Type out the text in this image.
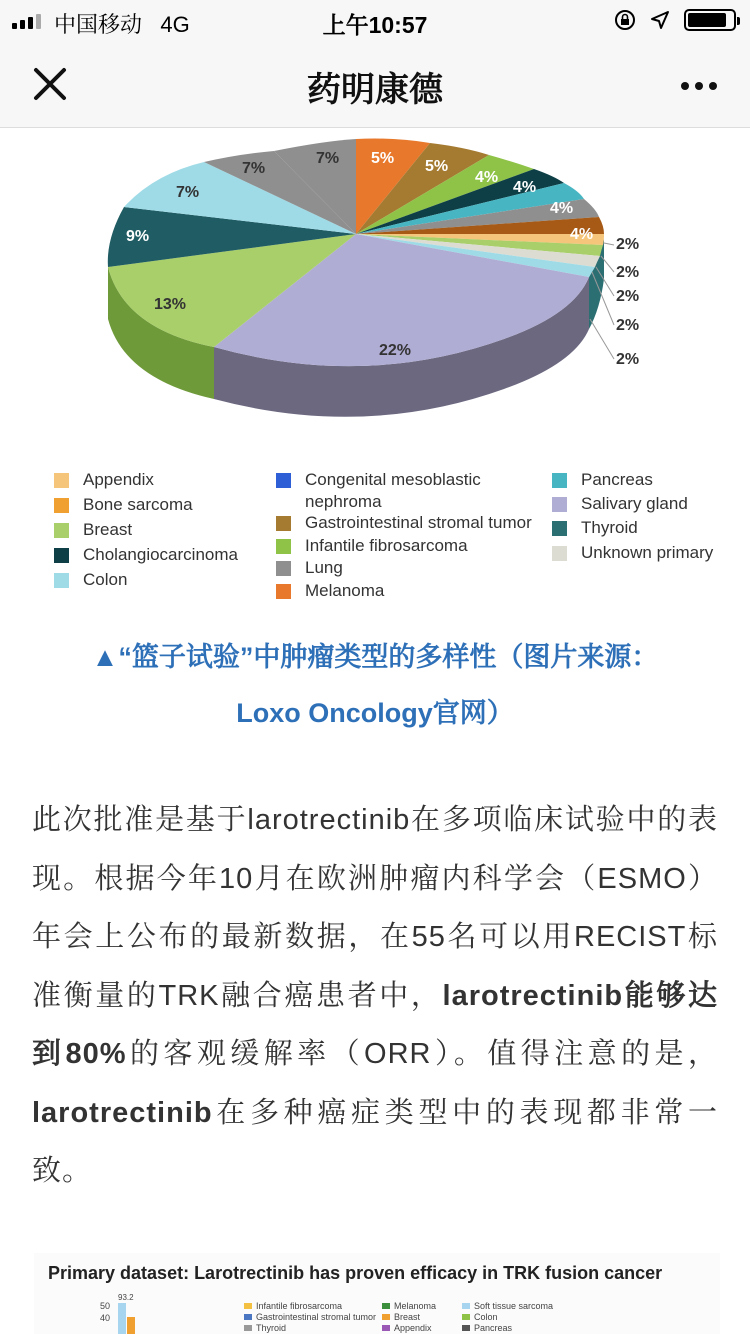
中国移动 4G	上午10:57
药明康德
7%
7% 5% 5%
4%
4%
4%
4%
2%
2%
2%
2%
2%
22%
13%
9%
7%
Appendix
Bone sarcoma
Breast
Cholangiocarcinoma
Colon
Congenital mesoblastic nephroma
Gastrointestinal stromal tumor
Infantile fibrosarcoma
Lung
Melanoma
Pancreas
Salivary gland
Thyroid
Unknown primary
▲“篮子试验”中肿瘤类型的多样性（图片来源：
Loxo Oncology官网）
此次批准是基于larotrectinib在多项临床试验中的表现。根据今年10月在欧洲肿瘤内科学会（ESMO）年会上公布的最新数据，在55名可以用RECIST标准衡量的TRK融合癌患者中，larotrectinib能够达到80%的客观缓解率（ORR）。值得注意的是，larotrectinib在多种癌症类型中的表现都非常一致。
Primary dataset: Larotrectinib has proven efficacy in TRK fusion cancer
50
40
93.2
Infantile fibrosarcoma
Gastrointestinal stromal tumor
Thyroid
Melanoma
Breast
Appendix
Soft tissue sarcoma
Colon
Pancreas
